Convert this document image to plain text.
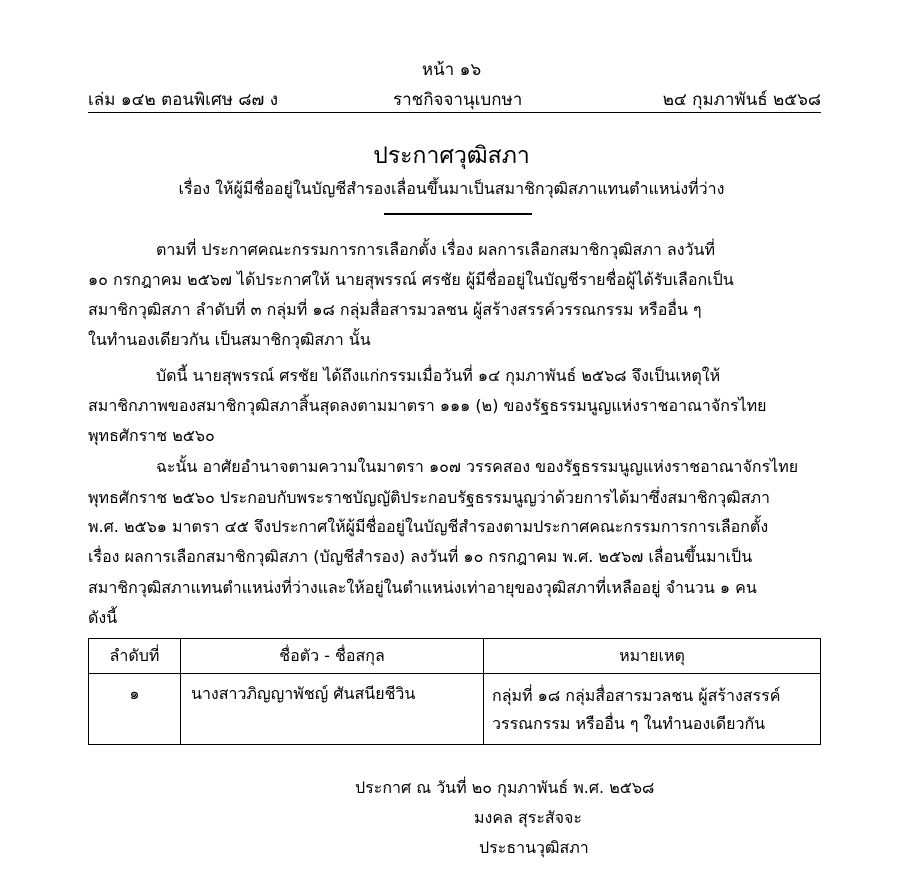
หน้า ๑๖
เล่ม ๑๔๒ ตอนพิเศษ ๘๗ ง	ราชกิจจานุเบกษา	๒๔ กุมภาพันธ์ ๒๕๖๘
ประกาศวุฒิสภา
เรื่อง ให้ผู้มีชื่ออยู่ในบัญชีสำรองเลื่อนขึ้นมาเป็นสมาชิกวุฒิสภาแทนตำแหน่งที่ว่าง
ตามที่ ประกาศคณะกรรมการการเลือกตั้ง เรื่อง ผลการเลือกสมาชิกวุฒิสภา ลงวันที่
๑๐ กรกฎาคม ๒๕๖๗ ได้ประกาศให้ นายสุพรรณ์ ศรชัย ผู้มีชื่ออยู่ในบัญชีรายชื่อผู้ได้รับเลือกเป็น
สมาชิกวุฒิสภา ลำดับที่ ๓ กลุ่มที่ ๑๘ กลุ่มสื่อสารมวลชน ผู้สร้างสรรค์วรรณกรรม หรืออื่น ๆ
ในทำนองเดียวกัน เป็นสมาชิกวุฒิสภา นั้น
บัดนี้ นายสุพรรณ์ ศรชัย ได้ถึงแก่กรรมเมื่อวันที่ ๑๔ กุมภาพันธ์ ๒๕๖๘ จึงเป็นเหตุให้
สมาชิกภาพของสมาชิกวุฒิสภาสิ้นสุดลงตามมาตรา ๑๑๑ (๒) ของรัฐธรรมนูญแห่งราชอาณาจักรไทย
พุทธศักราช ๒๕๖๐
ฉะนั้น อาศัยอำนาจตามความในมาตรา ๑๐๗ วรรคสอง ของรัฐธรรมนูญแห่งราชอาณาจักรไทย
พุทธศักราช ๒๕๖๐ ประกอบกับพระราชบัญญัติประกอบรัฐธรรมนูญว่าด้วยการได้มาซึ่งสมาชิกวุฒิสภา
พ.ศ. ๒๕๖๑ มาตรา ๔๕ จึงประกาศให้ผู้มีชื่ออยู่ในบัญชีสำรองตามประกาศคณะกรรมการการเลือกตั้ง
เรื่อง ผลการเลือกสมาชิกวุฒิสภา (บัญชีสำรอง) ลงวันที่ ๑๐ กรกฎาคม พ.ศ. ๒๕๖๗ เลื่อนขึ้นมาเป็น
สมาชิกวุฒิสภาแทนตำแหน่งที่ว่างและให้อยู่ในตำแหน่งเท่าอายุของวุฒิสภาที่เหลืออยู่ จำนวน ๑ คน
ดังนี้
ลำดับที่	ชื่อตัว - ชื่อสกุล	หมายเหตุ
๑	นางสาวภิญญาพัชญ์ ศันสนียชีวิน	กลุ่มที่ ๑๘ กลุ่มสื่อสารมวลชน ผู้สร้างสรรค์
วรรณกรรม หรืออื่น ๆ ในทำนองเดียวกัน
ประกาศ ณ วันที่ ๒๐ กุมภาพันธ์ พ.ศ. ๒๕๖๘
มงคล สุระสัจจะ
ประธานวุฒิสภา
